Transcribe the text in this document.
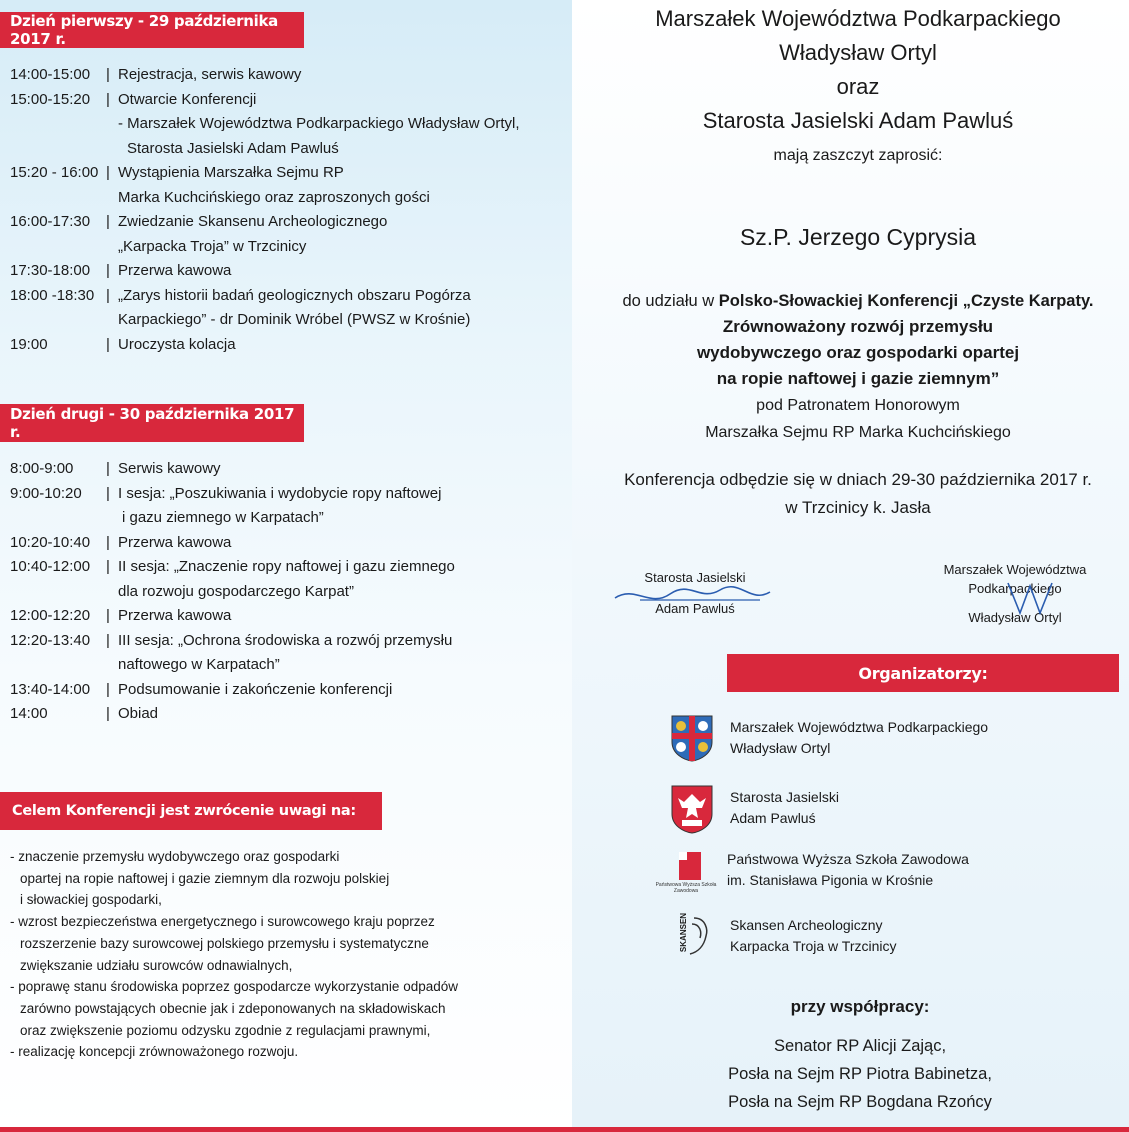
Dzień pierwszy - 29 października 2017 r.
14:00-15:00	| Rejestracja, serwis kawowy
15:00-15:20	| Otwarcie Konferencji
- Marszałek Województwa Podkarpackiego Władysław Ortyl,
Starosta Jasielski Adam Pawluś
15:20 - 16:00 | Wystąpienia Marszałka Sejmu RP
Marka Kuchcińskiego oraz zaproszonych gości
16:00-17:30	| Zwiedzanie Skansenu Archeologicznego
„Karpacka Troja” w Trzcinicy
17:30-18:00	| Przerwa kawowa
18:00 -18:30 | „Zarys historii badań geologicznych obszaru Pogórza
Karpackiego” - dr Dominik Wróbel (PWSZ w Krośnie)
19:00	| Uroczysta kolacja
Dzień drugi - 30 października 2017 r.
8:00-9:00	| Serwis kawowy
9:00-10:20	| I sesja: „Poszukiwania i wydobycie ropy naftowej
i gazu ziemnego w Karpatach”
10:20-10:40	| Przerwa kawowa
10:40-12:00	| II sesja: „Znaczenie ropy naftowej i gazu ziemnego
dla rozwoju gospodarczego Karpat”
12:00-12:20	| Przerwa kawowa
12:20-13:40	| III sesja: „Ochrona środowiska a rozwój przemysłu
naftowego w Karpatach”
13:40-14:00	| Podsumowanie i zakończenie konferencji
14:00	| Obiad
Celem Konferencji jest zwrócenie uwagi na:
- znaczenie przemysłu wydobywczego oraz gospodarki
opartej na ropie naftowej i gazie ziemnym dla rozwoju polskiej
i słowackiej gospodarki,
- wzrost bezpieczeństwa energetycznego i surowcowego kraju poprzez
rozszerzenie bazy surowcowej polskiego przemysłu i systematyczne
zwiększanie udziału surowców odnawialnych,
- poprawę stanu środowiska poprzez gospodarcze wykorzystanie odpadów
zarówno powstających obecnie jak i zdeponowanych na składowiskach
oraz zwiększenie poziomu odzysku zgodnie z regulacjami prawnymi,
- realizację koncepcji zrównoważonego rozwoju.
Marszałek Województwa Podkarpackiego
Władysław Ortyl
oraz
Starosta Jasielski Adam Pawluś
mają zaszczyt zaprosić:
Sz.P. Jerzego Cyprysia
do udziału w Polsko-Słowackiej Konferencji „Czyste Karpaty.
Zrównoważony rozwój przemysłu
wydobywczego oraz gospodarki opartej
na ropie naftowej i gazie ziemnym”
pod Patronatem Honorowym
Marszałka Sejmu RP Marka Kuchcińskiego
Konferencja odbędzie się w dniach 29-30 października 2017 r.
w Trzcinicy k. Jasła
Starosta Jasielski
Adam Pawluś
Marszałek Województwa
Podkarpackiego
Władysław Ortyl
Organizatorzy:
Marszałek Województwa Podkarpackiego
Władysław Ortyl
Starosta Jasielski
Adam Pawluś
Państwowa Wyższa Szkoła Zawodowa
Państwowa Wyższa Szkoła Zawodowa
im. Stanisława Pigonia w Krośnie
SKANSEN	Skansen Archeologiczny
Karpacka Troja w Trzcinicy
przy współpracy:
Senator RP Alicji Zając,
Posła na Sejm RP Piotra Babinetza,
Posła na Sejm RP Bogdana Rzońcy
